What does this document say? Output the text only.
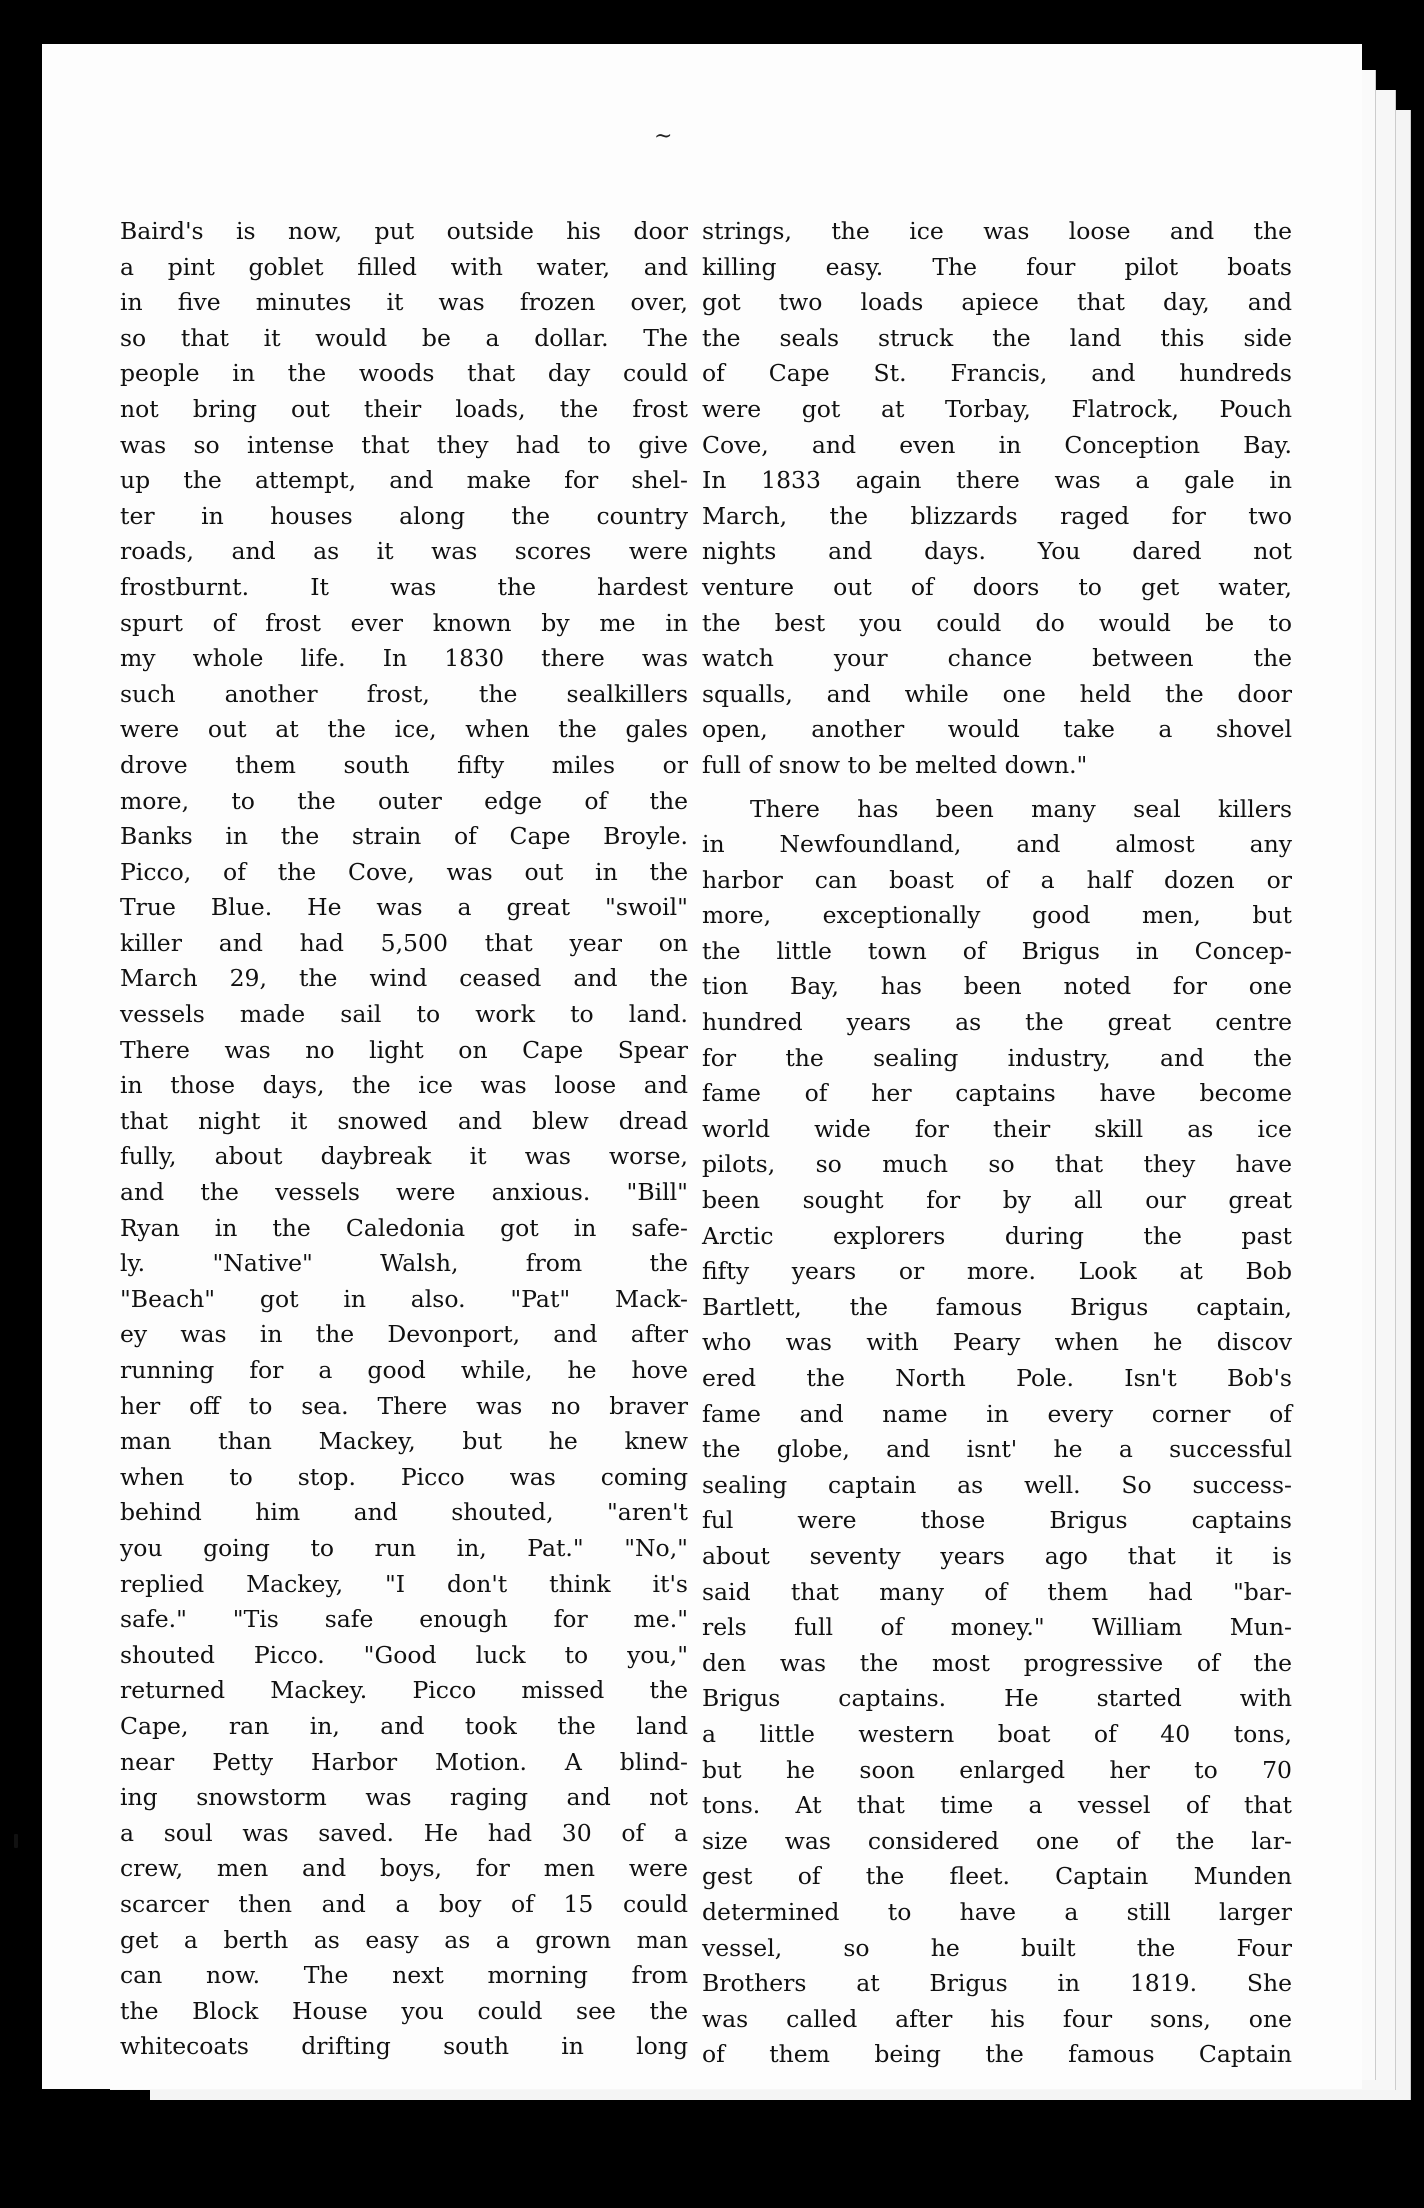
~
Baird's is now, put outside his door
a pint goblet filled with water, and
in five minutes it was frozen over,
so that it would be a dollar. The
people in the woods that day could
not bring out their loads, the frost
was so intense that they had to give
up the attempt, and make for shel-
ter in houses along the country
roads, and as it was scores were
frostburnt. It was the hardest
spurt of frost ever known by me in
my whole life. In 1830 there was
such another frost, the sealkillers
were out at the ice, when the gales
drove them south fifty miles or
more, to the outer edge of the
Banks in the strain of Cape Broyle.
Picco, of the Cove, was out in the
True Blue. He was a great "swoil"
killer and had 5,500 that year on
March 29, the wind ceased and the
vessels made sail to work to land.
There was no light on Cape Spear
in those days, the ice was loose and
that night it snowed and blew dread
fully, about daybreak it was worse,
and the vessels were anxious. "Bill"
Ryan in the Caledonia got in safe-
ly. "Native" Walsh, from the
"Beach" got in also. "Pat" Mack-
ey was in the Devonport, and after
running for a good while, he hove
her off to sea. There was no braver
man than Mackey, but he knew
when to stop. Picco was coming
behind him and shouted, "aren't
you going to run in, Pat." "No,"
replied Mackey, "I don't think it's
safe." "Tis safe enough for me."
shouted Picco. "Good luck to you,"
returned Mackey. Picco missed the
Cape, ran in, and took the land
near Petty Harbor Motion. A blind-
ing snowstorm was raging and not
a soul was saved. He had 30 of a
crew, men and boys, for men were
scarcer then and a boy of 15 could
get a berth as easy as a grown man
can now. The next morning from
the Block House you could see the
whitecoats drifting south in long
strings, the ice was loose and the
killing easy. The four pilot boats
got two loads apiece that day, and
the seals struck the land this side
of Cape St. Francis, and hundreds
were got at Torbay, Flatrock, Pouch
Cove, and even in Conception Bay.
In 1833 again there was a gale in
March, the blizzards raged for two
nights and days. You dared not
venture out of doors to get water,
the best you could do would be to
watch your chance between the
squalls, and while one held the door
open, another would take a shovel
full of snow to be melted down."
There has been many seal killers
in Newfoundland, and almost any
harbor can boast of a half dozen or
more, exceptionally good men, but
the little town of Brigus in Concep-
tion Bay, has been noted for one
hundred years as the great centre
for the sealing industry, and the
fame of her captains have become
world wide for their skill as ice
pilots, so much so that they have
been sought for by all our great
Arctic explorers during the past
fifty years or more. Look at Bob
Bartlett, the famous Brigus captain,
who was with Peary when he discov
ered the North Pole. Isn't Bob's
fame and name in every corner of
the globe, and isnt' he a successful
sealing captain as well. So success-
ful were those Brigus captains
about seventy years ago that it is
said that many of them had "bar-
rels full of money." William Mun-
den was the most progressive of the
Brigus captains. He started with
a little western boat of 40 tons,
but he soon enlarged her to 70
tons. At that time a vessel of that
size was considered one of the lar-
gest of the fleet. Captain Munden
determined to have a still larger
vessel, so he built the Four
Brothers at Brigus in 1819. She
was called after his four sons, one
of them being the famous Captain
